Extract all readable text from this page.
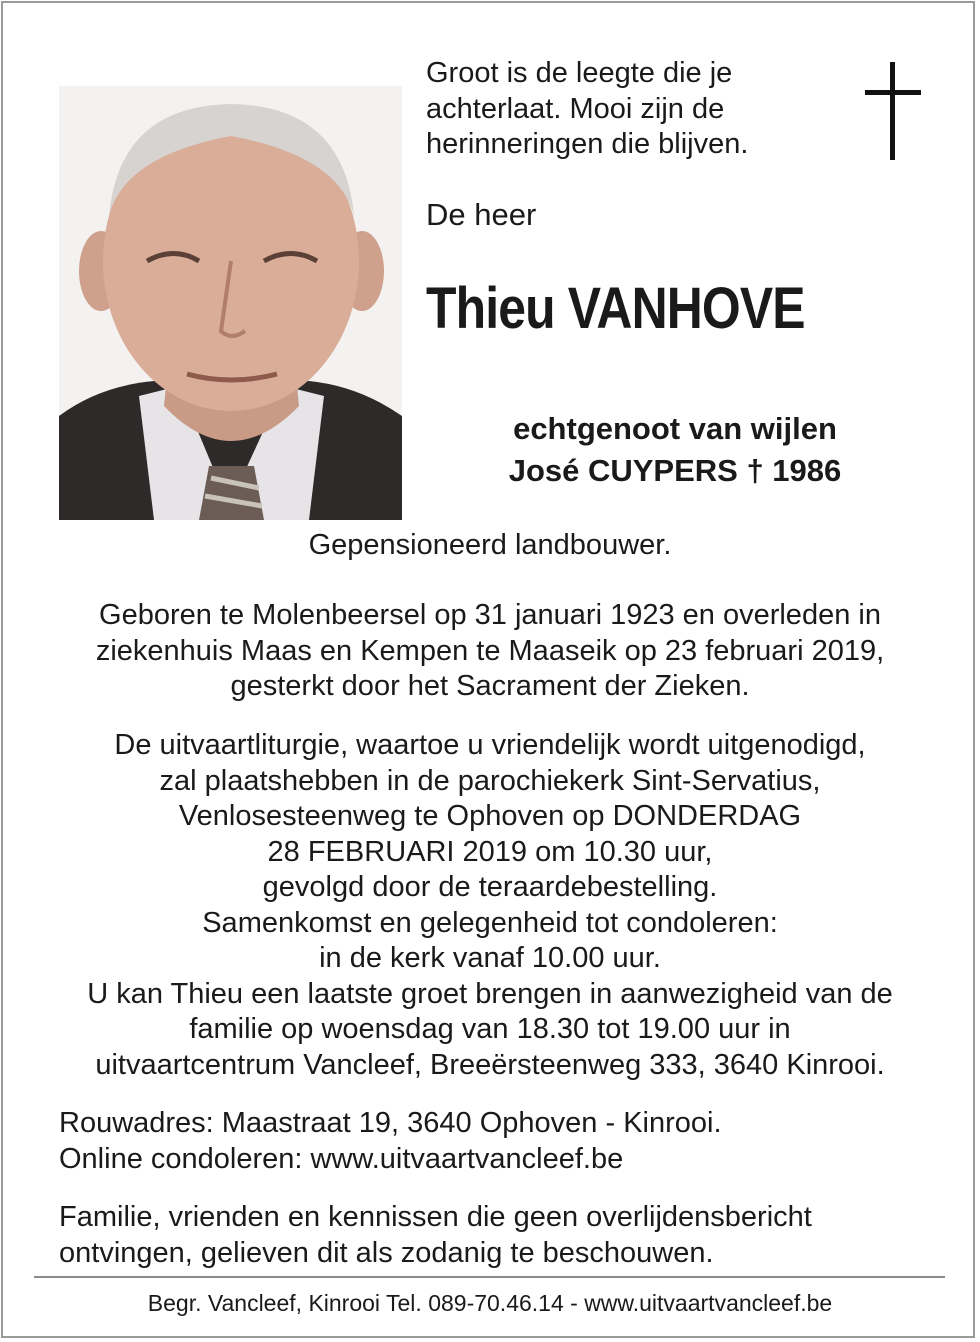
Groot is de leegte die je
achterlaat. Mooi zijn de
herinneringen die blijven.
De heer
Thieu VANHOVE
echtgenoot van wijlen
José CUYPERS † 1986
Gepensioneerd landbouwer.
Geboren te Molenbeersel op 31 januari 1923 en overleden in
ziekenhuis Maas en Kempen te Maaseik op 23 februari 2019,
gesterkt door het Sacrament der Zieken.
De uitvaartliturgie, waartoe u vriendelijk wordt uitgenodigd,
zal plaatshebben in de parochiekerk Sint-Servatius,
Venlosesteenweg te Ophoven op DONDERDAG
28 FEBRUARI 2019 om 10.30 uur,
gevolgd door de teraardebestelling.
Samenkomst en gelegenheid tot condoleren:
in de kerk vanaf 10.00 uur.
U kan Thieu een laatste groet brengen in aanwezigheid van de
familie op woensdag van 18.30 tot 19.00 uur in
uitvaartcentrum Vancleef, Breeërsteenweg 333, 3640 Kinrooi.
Rouwadres: Maastraat 19, 3640 Ophoven - Kinrooi.
Online condoleren: www.uitvaartvancleef.be
Familie, vrienden en kennissen die geen overlijdensbericht
ontvingen, gelieven dit als zodanig te beschouwen.
Begr. Vancleef, Kinrooi Tel. 089-70.46.14 - www.uitvaartvancleef.be
